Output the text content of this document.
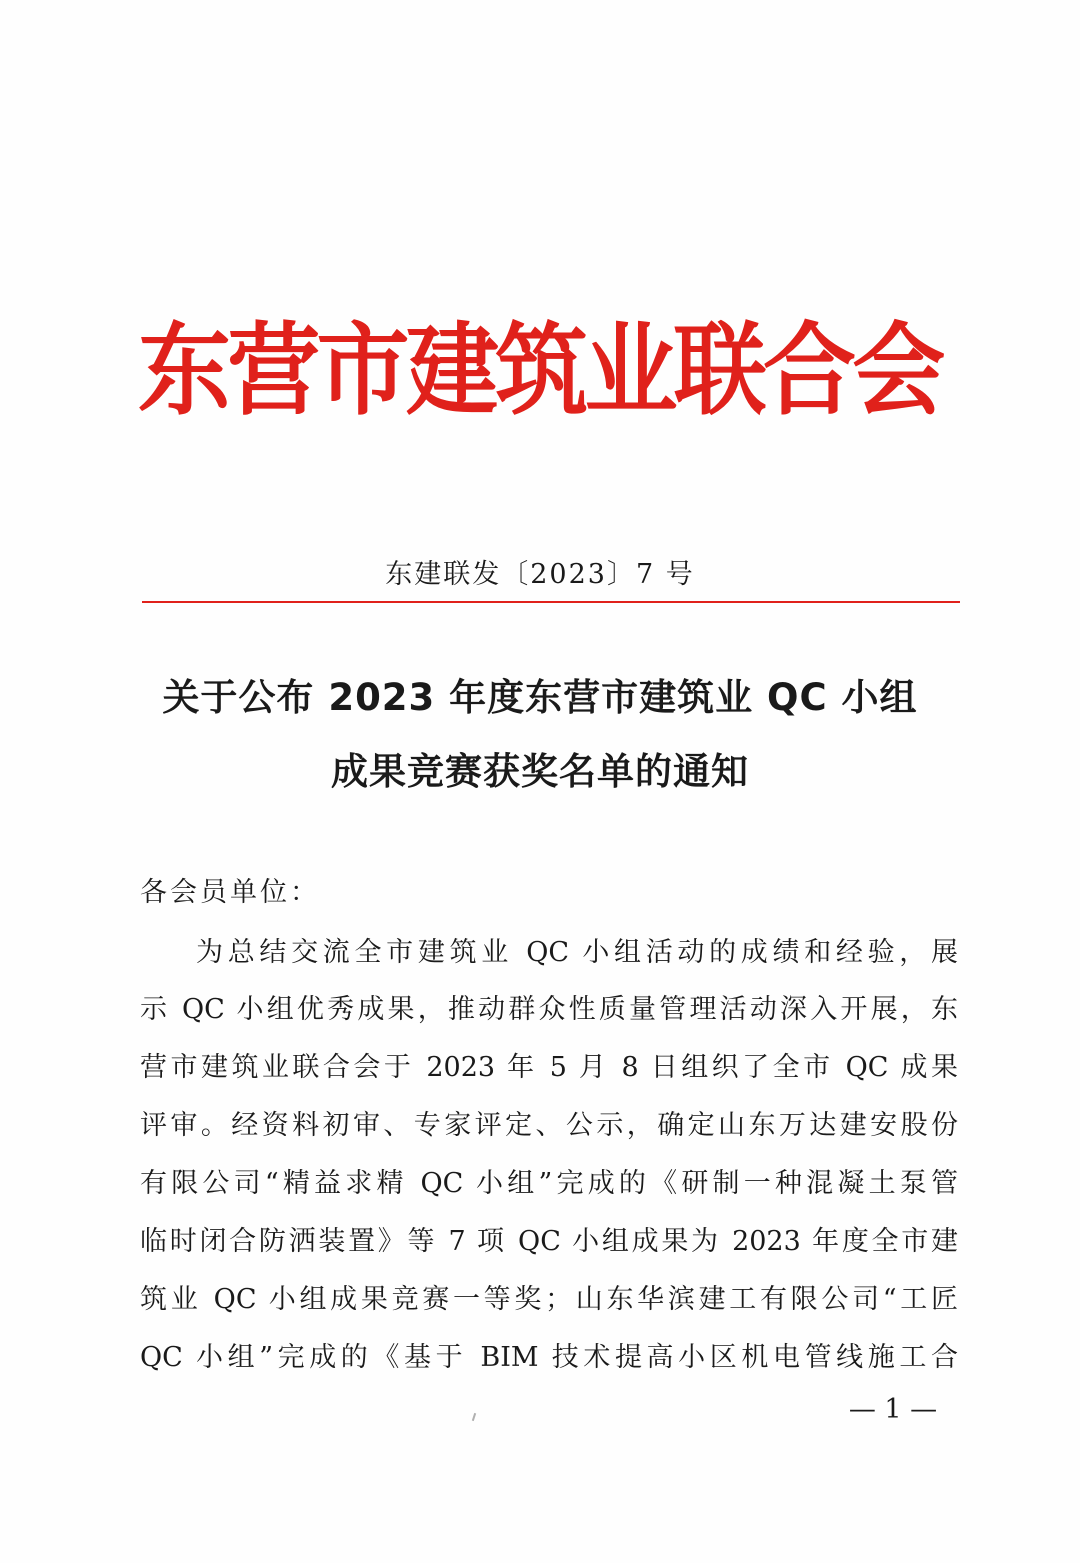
东营市建筑业联合会
东建联发〔2023〕7 号
关于公布 2023 年度东营市建筑业 QC 小组
成果竞赛获奖名单的通知
各会员单位：
为总结交流全市建筑业 QC 小组活动的成绩和经验，展
示 QC 小组优秀成果，推动群众性质量管理活动深入开展，东
营市建筑业联合会于 2023 年 5 月 8 日组织了全市 QC 成果
评审。经资料初审、专家评定、公示，确定山东万达建安股份
有限公司“精益求精 QC 小组”完成的《研制一种混凝土泵管
临时闭合防洒装置》等 7 项 QC 小组成果为 2023 年度全市建
筑业 QC 小组成果竞赛一等奖；山东华滨建工有限公司“工匠
QC 小组”完成的《基于 BIM 技术提高小区机电管线施工合
— 1 —
